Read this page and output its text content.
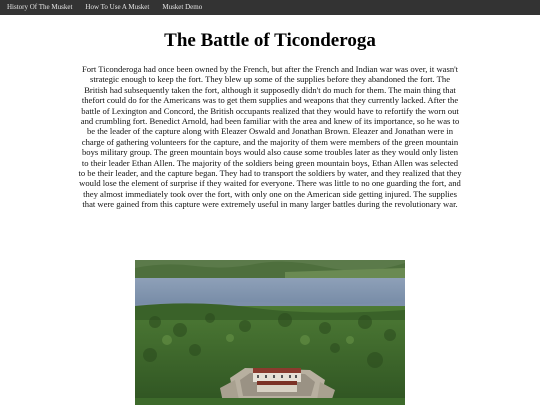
History Of The Musket	How To Use A Musket	Musket Demo
The Battle of Ticonderoga

Fort Ticonderoga had once been owned by the French, but after the French and Indian war was over, it wasn't strategic enough to keep the fort. They blew up some of the supplies before they abandoned the fort. The British had subsequently taken the fort, although it supposedly didn't do much for them. The main thing that thefort could do for the Americans was to get them supplies and weapons that they currently lacked. After the battle of Lexington and Concord, the British occupants realized that they would have to refortify the worn out and crumbling fort. Benedict Arnold, had been familiar with the area and knew of its importance, so he was to be the leader of the capture along with Eleazer Oswald and Jonathan Brown. Eleazer and Jonathan were in charge of gathering volunteers for the capture, and the majority of them were members of the green mountain boys military group. The green mountain boys would also cause some troubles later as they would only listen to their leader Ethan Allen. The majority of the soldiers being green mountain boys, Ethan Allen was selected to be their leader, and the capture began. They had to transport the soldiers by water, and they realized that they would lose the element of surprise if they waited for everyone. There was little to no one guarding the fort, and they almost immediately took over the fort, with only one on the American side getting injured. The supplies that were gained from this capture were extremely useful in many larger battles during the revolutionary war.
